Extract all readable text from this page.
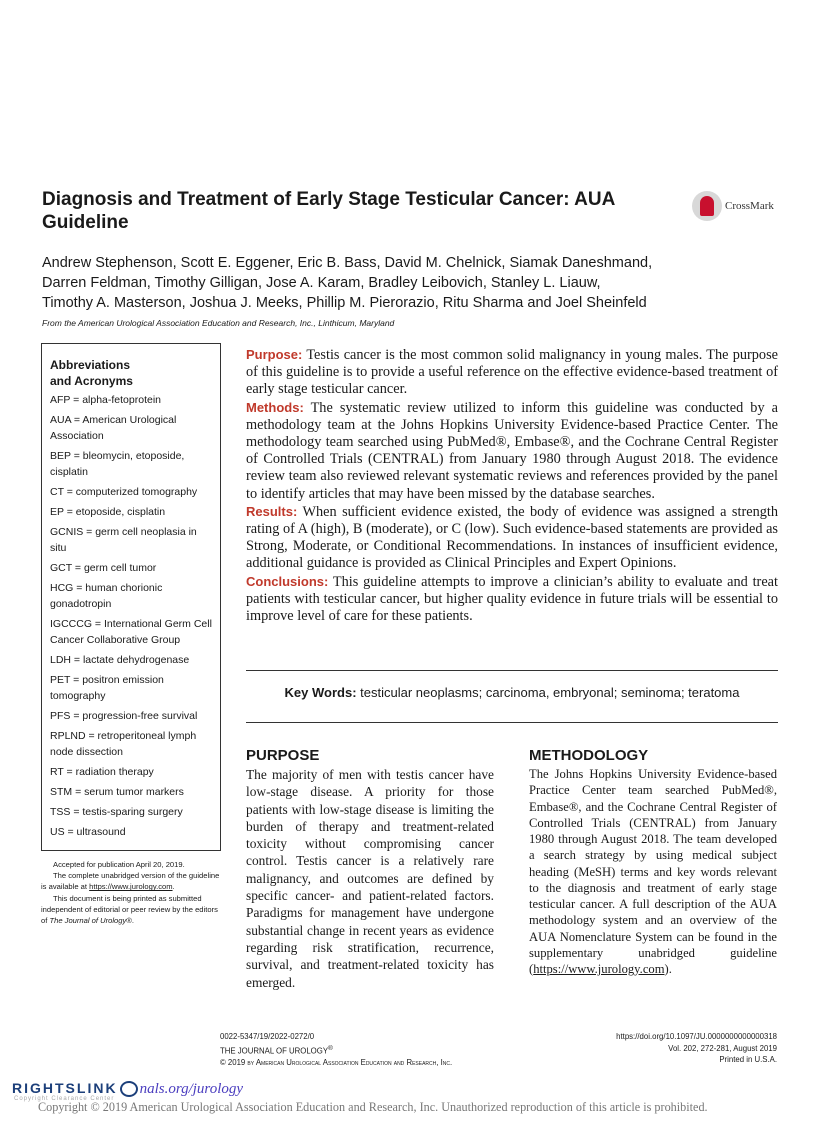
Diagnosis and Treatment of Early Stage Testicular Cancer: AUA Guideline
CrossMark
Andrew Stephenson, Scott E. Eggener, Eric B. Bass, David M. Chelnick, Siamak Daneshmand,
Darren Feldman, Timothy Gilligan, Jose A. Karam, Bradley Leibovich, Stanley L. Liauw,
Timothy A. Masterson, Joshua J. Meeks, Phillip M. Pierorazio, Ritu Sharma and Joel Sheinfeld
From the American Urological Association Education and Research, Inc., Linthicum, Maryland
Abbreviations and Acronyms
AFP = alpha-fetoprotein
AUA = American Urological Association
BEP = bleomycin, etoposide, cisplatin
CT = computerized tomography
EP = etoposide, cisplatin
GCNIS = germ cell neoplasia in situ
GCT = germ cell tumor
HCG = human chorionic gonadotropin
IGCCCG = International Germ Cell Cancer Collaborative Group
LDH = lactate dehydrogenase
PET = positron emission tomography
PFS = progression-free survival
RPLND = retroperitoneal lymph node dissection
RT = radiation therapy
STM = serum tumor markers
TSS = testis-sparing surgery
US = ultrasound

Accepted for publication April 20, 2019.

The complete unabridged version of the guideline is available at https://www.jurology.com.

This document is being printed as submitted independent of editorial or peer review by the editors of The Journal of Urology®.

Purpose: Testis cancer is the most common solid malignancy in young males. The purpose of this guideline is to provide a useful reference on the effective evidence-based treatment of early stage testicular cancer.

Methods: The systematic review utilized to inform this guideline was conducted by a methodology team at the Johns Hopkins University Evidence-based Practice Center. The methodology team searched using PubMed®, Embase®, and the Cochrane Central Register of Controlled Trials (CENTRAL) from January 1980 through August 2018. The evidence review team also reviewed relevant systematic reviews and references provided by the panel to identify articles that may have been missed by the database searches.

Results: When sufficient evidence existed, the body of evidence was assigned a strength rating of A (high), B (moderate), or C (low). Such evidence-based statements are provided as Strong, Moderate, or Conditional Recommendations. In instances of insufficient evidence, additional guidance is provided as Clinical Principles and Expert Opinions.

Conclusions: This guideline attempts to improve a clinician’s ability to evaluate and treat patients with testicular cancer, but higher quality evidence in future trials will be essential to improve level of care for these patients.

Key Words: testicular neoplasms; carcinoma, embryonal; seminoma; teratoma
PURPOSE

The majority of men with testis cancer have low-stage disease. A priority for those patients with low-stage disease is limiting the burden of therapy and treatment-related toxicity without compromising cancer control. Testis cancer is a relatively rare malignancy, and outcomes are defined by specific cancer- and patient-related factors. Paradigms for management have undergone substantial change in recent years as evidence regarding risk stratification, recurrence, survival, and treatment-related toxicity has emerged.

METHODOLOGY

The Johns Hopkins University Evidence-based Practice Center team searched PubMed®, Embase®, and the Cochrane Central Register of Controlled Trials (CENTRAL) from January 1980 through August 2018. The team developed a search strategy by using medical subject heading (MeSH) terms and key words relevant to the diagnosis and treatment of early stage testicular cancer. A full description of the AUA methodology system and an overview of the AUA Nomenclature System can be found in the supplementary unabridged guideline (https://www.jurology.com).

0022-5347/19/2022-0272/0
THE JOURNAL OF UROLOGY®
© 2019 by American Urological Association Education and Research, Inc.
https://doi.org/10.1097/JU.0000000000000318
Vol. 202, 272-281, August 2019
Printed in U.S.A.
RIGHTSLINK nals.org/jurology
Copyright Clearance Center
Copyright © 2019 American Urological Association Education and Research, Inc. Unauthorized reproduction of this article is prohibited.
